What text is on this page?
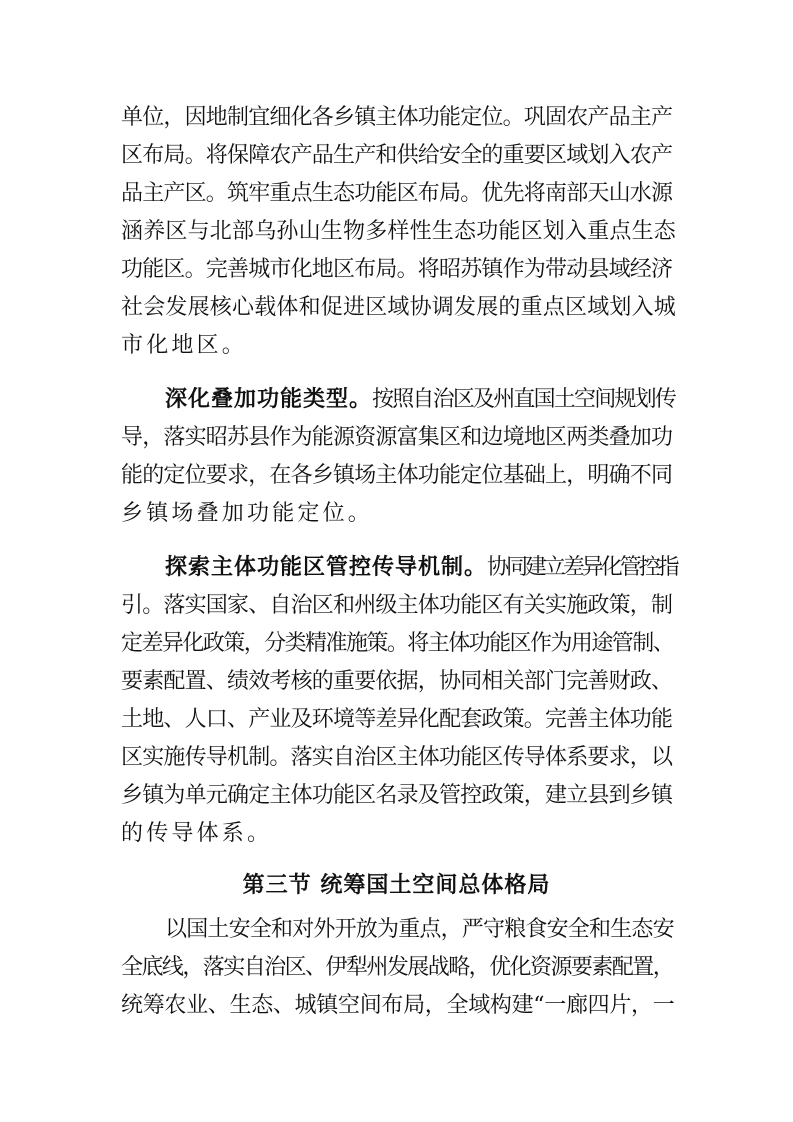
单位，因地制宜细化各乡镇主体功能定位。巩固农产品主产
区布局。将保障农产品生产和供给安全的重要区域划入农产
品主产区。筑牢重点生态功能区布局。优先将南部天山水源
涵养区与北部乌孙山生物多样性生态功能区划入重点生态
功能区。完善城市化地区布局。将昭苏镇作为带动县域经济
社会发展核心载体和促进区域协调发展的重点区域划入城
市化地区。
深化叠加功能类型。按照自治区及州直国土空间规划传
导，落实昭苏县作为能源资源富集区和边境地区两类叠加功
能的定位要求，在各乡镇场主体功能定位基础上，明确不同
乡镇场叠加功能定位。
探索主体功能区管控传导机制。协同建立差异化管控指
引。落实国家、自治区和州级主体功能区有关实施政策，制
定差异化政策，分类精准施策。将主体功能区作为用途管制、
要素配置、绩效考核的重要依据，协同相关部门完善财政、
土地、人口、产业及环境等差异化配套政策。完善主体功能
区实施传导机制。落实自治区主体功能区传导体系要求，以
乡镇为单元确定主体功能区名录及管控政策，建立县到乡镇
的传导体系。
第三节 统筹国土空间总体格局
以国土安全和对外开放为重点，严守粮食安全和生态安
全底线，落实自治区、伊犁州发展战略，优化资源要素配置，
统筹农业、生态、城镇空间布局，全域构建“一廊四片，一
